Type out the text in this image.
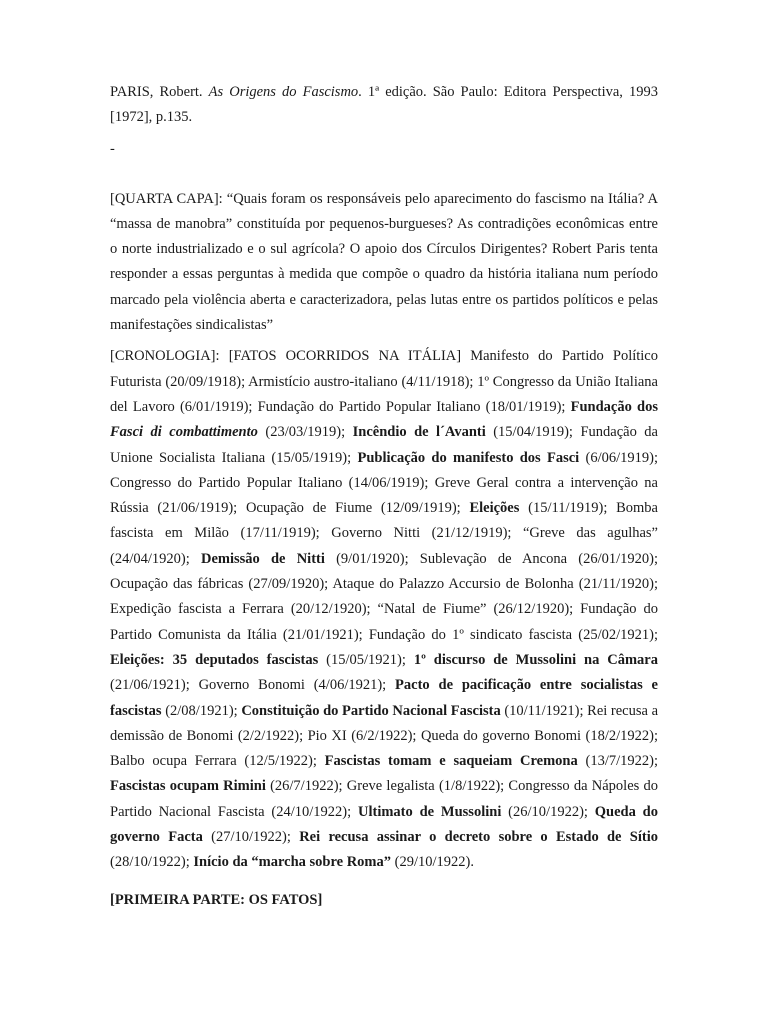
PARIS, Robert. As Origens do Fascismo. 1ª edição. São Paulo: Editora Perspectiva, 1993 [1972], p.135.

-

[QUARTA CAPA]: “Quais foram os responsáveis pelo aparecimento do fascismo na Itália? A “massa de manobra” constituída por pequenos-burgueses? As contradições econômicas entre o norte industrializado e o sul agrícola? O apoio dos Círculos Dirigentes? Robert Paris tenta responder a essas perguntas à medida que compõe o quadro da história italiana num período marcado pela violência aberta e caracterizadora, pelas lutas entre os partidos políticos e pelas manifestações sindicalistas”

[CRONOLOGIA]: [FATOS OCORRIDOS NA ITÁLIA] Manifesto do Partido Político Futurista (20/09/1918); Armistício austro-italiano (4/11/1918); 1º Congresso da União Italiana del Lavoro (6/01/1919); Fundação do Partido Popular Italiano (18/01/1919); Fundação dos Fasci di combattimento (23/03/1919); Incêndio de l´Avanti (15/04/1919); Fundação da Unione Socialista Italiana (15/05/1919); Publicação do manifesto dos Fasci (6/06/1919); Congresso do Partido Popular Italiano (14/06/1919); Greve Geral contra a intervenção na Rússia (21/06/1919); Ocupação de Fiume (12/09/1919); Eleições (15/11/1919); Bomba fascista em Milão (17/11/1919); Governo Nitti (21/12/1919); “Greve das agulhas” (24/04/1920); Demissão de Nitti (9/01/1920); Sublevação de Ancona (26/01/1920); Ocupação das fábricas (27/09/1920); Ataque do Palazzo Accursio de Bolonha (21/11/1920); Expedição fascista a Ferrara (20/12/1920); “Natal de Fiume” (26/12/1920); Fundação do Partido Comunista da Itália (21/01/1921); Fundação do 1º sindicato fascista (25/02/1921); Eleições: 35 deputados fascistas (15/05/1921); 1º discurso de Mussolini na Câmara (21/06/1921); Governo Bonomi (4/06/1921); Pacto de pacificação entre socialistas e fascistas (2/08/1921); Constituição do Partido Nacional Fascista (10/11/1921); Rei recusa a demissão de Bonomi (2/2/1922); Pio XI (6/2/1922); Queda do governo Bonomi (18/2/1922); Balbo ocupa Ferrara (12/5/1922); Fascistas tomam e saqueiam Cremona (13/7/1922); Fascistas ocupam Rimini (26/7/1922); Greve legalista (1/8/1922); Congresso da Nápoles do Partido Nacional Fascista (24/10/1922); Ultimato de Mussolini (26/10/1922); Queda do governo Facta (27/10/1922); Rei recusa assinar o decreto sobre o Estado de Sítio (28/10/1922); Início da “marcha sobre Roma” (29/10/1922).

[PRIMEIRA PARTE: OS FATOS]
